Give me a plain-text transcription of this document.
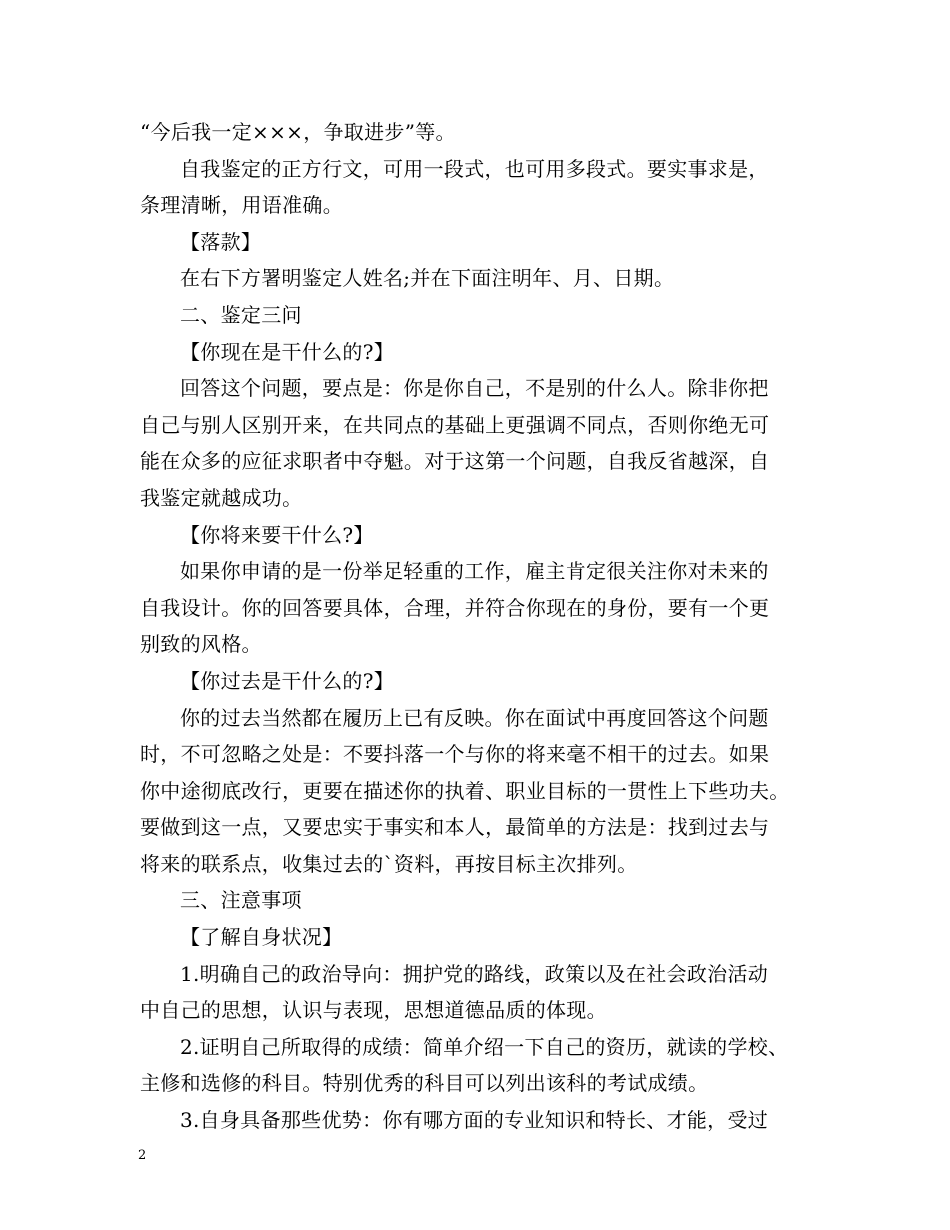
“今后我一定×××，争取进步”等。
自我鉴定的正方行文，可用一段式，也可用多段式。要实事求是，
条理清晰，用语准确。
【落款】
在右下方署明鉴定人姓名;并在下面注明年、月、日期。
二、鉴定三问
【你现在是干什么的?】
回答这个问题，要点是：你是你自己，不是别的什么人。除非你把
自己与别人区别开来，在共同点的基础上更强调不同点，否则你绝无可
能在众多的应征求职者中夺魁。对于这第一个问题，自我反省越深，自
我鉴定就越成功。
【你将来要干什么?】
如果你申请的是一份举足轻重的工作，雇主肯定很关注你对未来的
自我设计。你的回答要具体，合理，并符合你现在的身份，要有一个更
别致的风格。
【你过去是干什么的?】
你的过去当然都在履历上已有反映。你在面试中再度回答这个问题
时，不可忽略之处是：不要抖落一个与你的将来毫不相干的过去。如果
你中途彻底改行，更要在描述你的执着、职业目标的一贯性上下些功夫。
要做到这一点，又要忠实于事实和本人，最简单的方法是：找到过去与
将来的联系点，收集过去的`资料，再按目标主次排列。
三、注意事项
【了解自身状况】
1.明确自己的政治导向：拥护党的路线，政策以及在社会政治活动
中自己的思想，认识与表现，思想道德品质的体现。
2.证明自己所取得的成绩：简单介绍一下自己的资历，就读的学校、
主修和选修的科目。特别优秀的科目可以列出该科的考试成绩。
3.自身具备那些优势：你有哪方面的专业知识和特长、才能，受过
2
